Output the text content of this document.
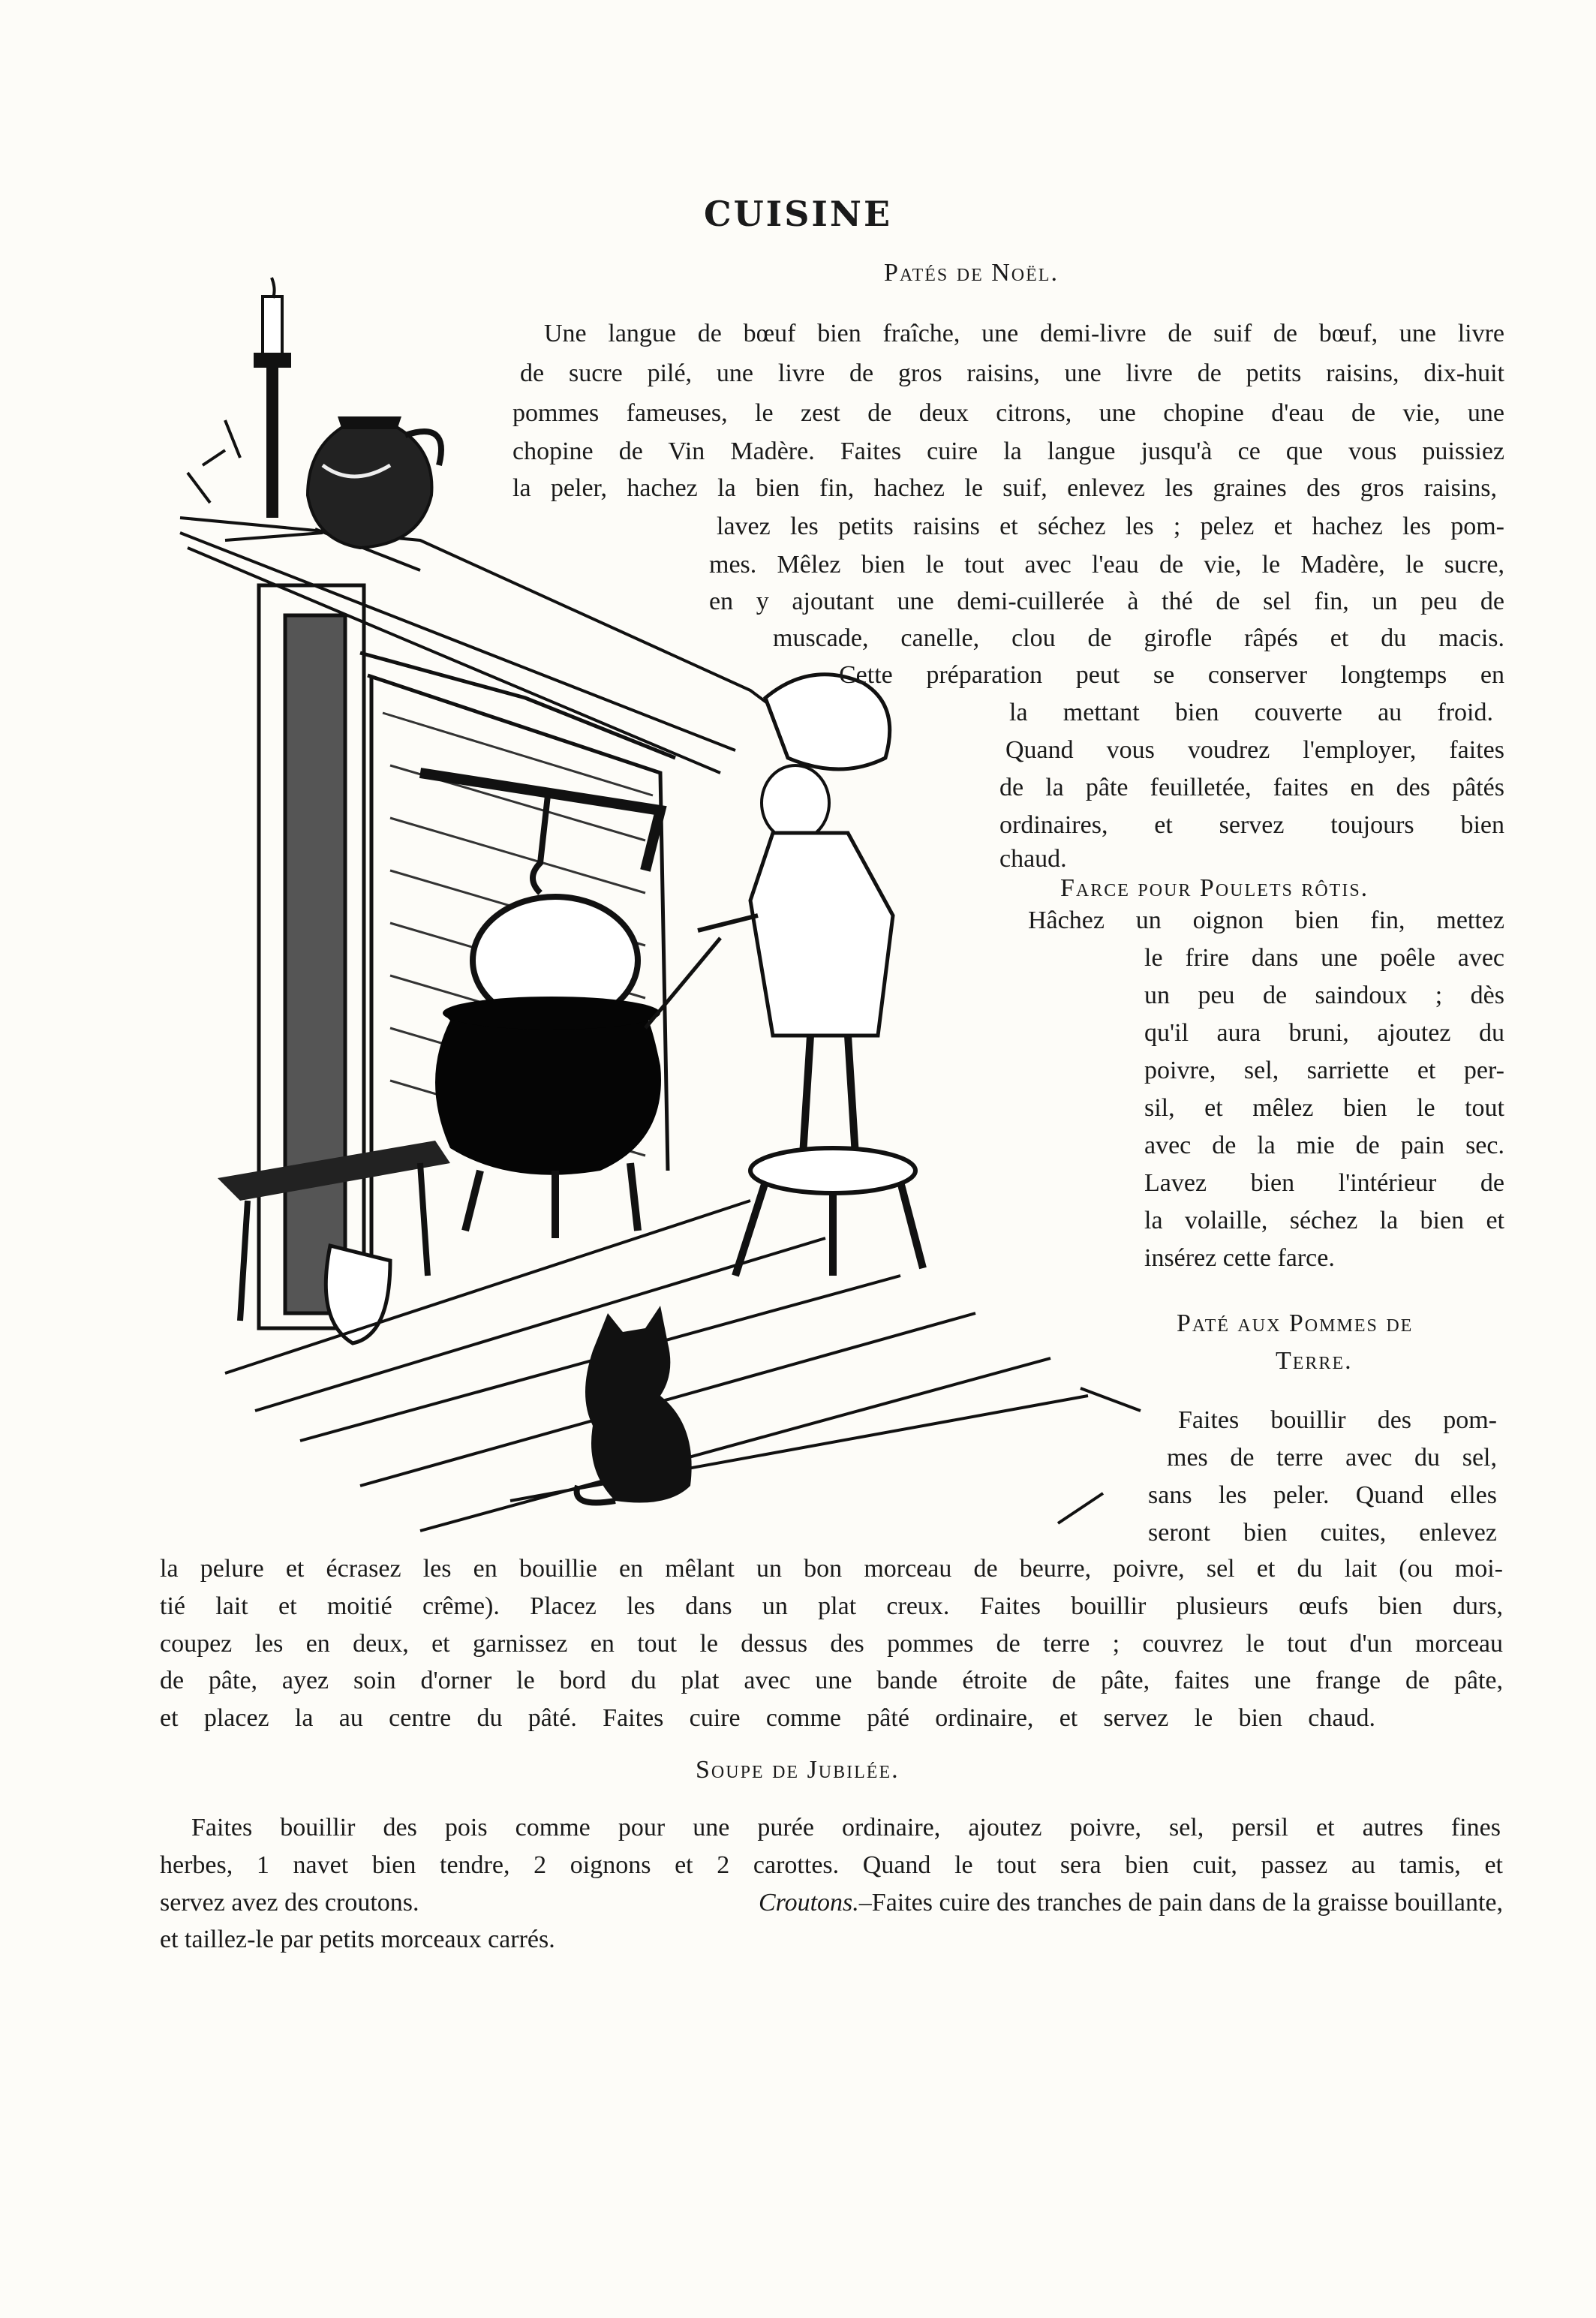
CUISINE
Patés de Noël.
Une langue de bœuf bien fraîche, une demi-livre de suif de bœuf, une livre
de sucre pilé, une livre de gros raisins, une livre de petits raisins, dix-huit
pommes fameuses, le zest de deux citrons, une chopine d'eau de vie, une
chopine de Vin Madère. Faites cuire la langue jusqu'à ce que vous puissiez
la peler, hachez la bien fin, hachez le suif, enlevez les graines des gros raisins,
lavez les petits raisins et séchez les ; pelez et hachez les pom-
mes. Mêlez bien le tout avec l'eau de vie, le Madère, le sucre,
en y ajoutant une demi-cuillerée à thé de sel fin, un peu de
muscade, canelle, clou de girofle râpés et du macis.
Cette préparation peut se conserver longtemps en
la mettant bien couverte au froid.
Quand vous voudrez l'employer, faites
de la pâte feuilletée, faites en des pâtés
ordinaires, et servez toujours bien
chaud.
Farce pour Poulets rôtis.
Hâchez un oignon bien fin, mettez
le frire dans une poêle avec
un peu de saindoux ; dès
qu'il aura bruni, ajoutez du
poivre, sel, sarriette et per-
sil, et mêlez bien le tout
avec de la mie de pain sec.
Lavez bien l'intérieur de
la volaille, séchez la bien et
insérez cette farce.
Paté aux Pommes de
Terre.
Faites bouillir des pom-
mes de terre avec du sel,
sans les peler. Quand elles
seront bien cuites, enlevez
la pelure et écrasez les en bouillie en mêlant un bon morceau de beurre, poivre, sel et du lait (ou moi-
tié lait et moitié crême). Placez les dans un plat creux. Faites bouillir plusieurs œufs bien durs,
coupez les en deux, et garnissez en tout le dessus des pommes de terre ; couvrez le tout d'un morceau
de pâte, ayez soin d'orner le bord du plat avec une bande étroite de pâte, faites une frange de pâte,
et placez la au centre du pâté. Faites cuire comme pâté ordinaire, et servez le bien chaud.
Soupe de Jubilée.
Faites bouillir des pois comme pour une purée ordinaire, ajoutez poivre, sel, persil et autres fines
herbes, 1 navet bien tendre, 2 oignons et 2 carottes. Quand le tout sera bien cuit, passez au tamis, et
servez avez des croutons.	Croutons.–Faites cuire des tranches de pain dans de la graisse bouillante,
et taillez-le par petits morceaux carrés.
